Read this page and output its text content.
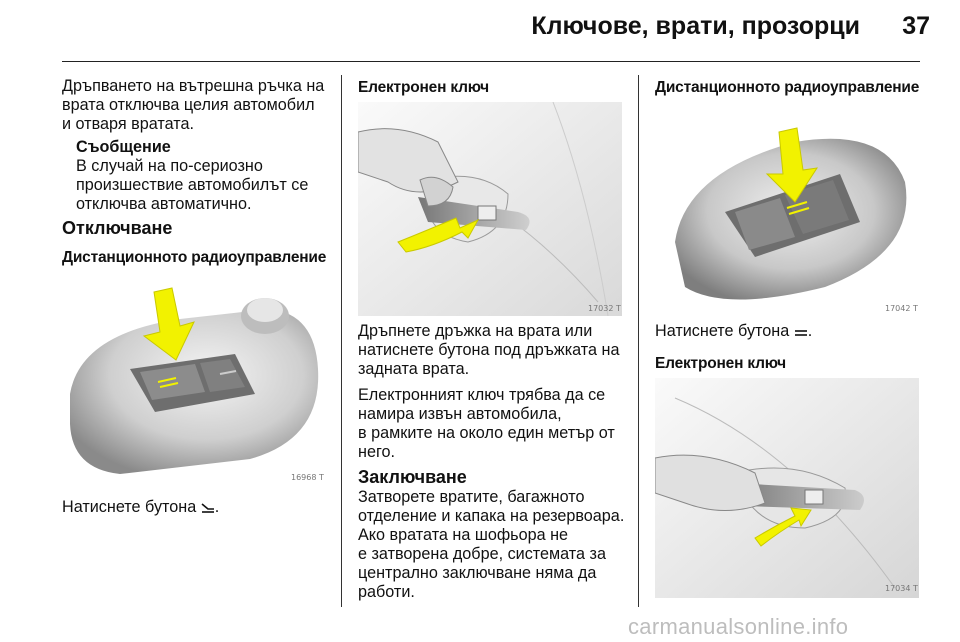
Ключове, врати, прозорци	37

Дръпването на вътрешна ръчка на

врата отключва целия автомобил

и отваря вратата.

Съобщение

В случай на по-сериозно

произшествие автомобилът се

отключва автоматично.

Отключване
Дистанционното радиоуправление
16968 T

Натиснете бутона .

Електронен ключ
17032 T

Дръпнете дръжка на врата или

натиснете бутона под дръжката на

задната врата.

Електронният ключ трябва да се

намира извън автомобила,

в рамките на около един метър от

него.

Заключване

Затворете вратите, багажното

отделение и капака на резервоара.

Ако вратата на шофьора не

е затворена добре, системата за

централно заключване няма да

работи.

Дистанционното радиоуправление
17042 T

Натиснете бутона .

Електронен ключ
17034 T
carmanualsonline.info
